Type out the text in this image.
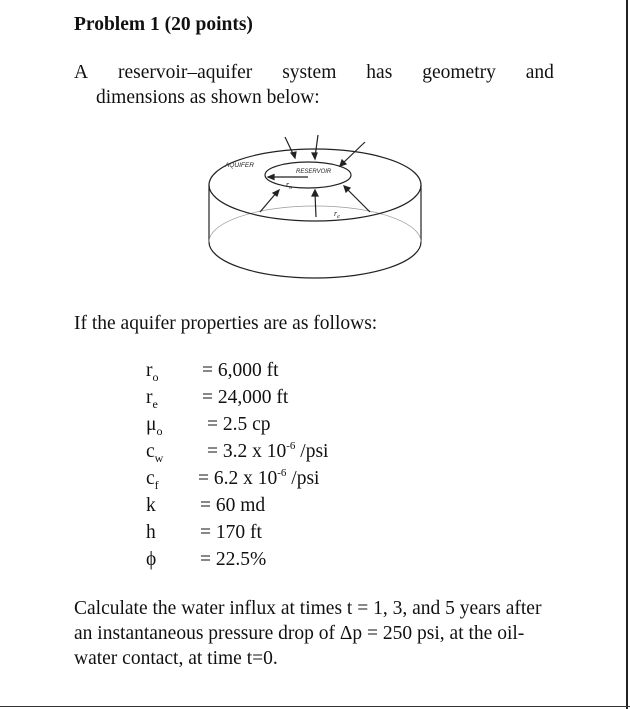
Problem 1 (20 points)
A reservoir–aquifer system has geometry and
dimensions as shown below:
AQUIFER
RESERVOIR
$r_o$
$r_e$
If the aquifer properties are as follows:
$r_o = 6,000$ ft
$r_e = 24,000$ ft
$\mu_o = 2.5$ cp
$c_w = 3.2$ x $10^{-6}$ /psi
$c_f = 6.2$ x $10^{-6}$ /psi
k = 60 md
h = 170 ft
ϕ = 22.5%
Calculate the water influx at times t = 1, 3, and 5 years after an instantaneous pressure drop of Δp = 250 psi, at the oil-water contact, at time t=0.
